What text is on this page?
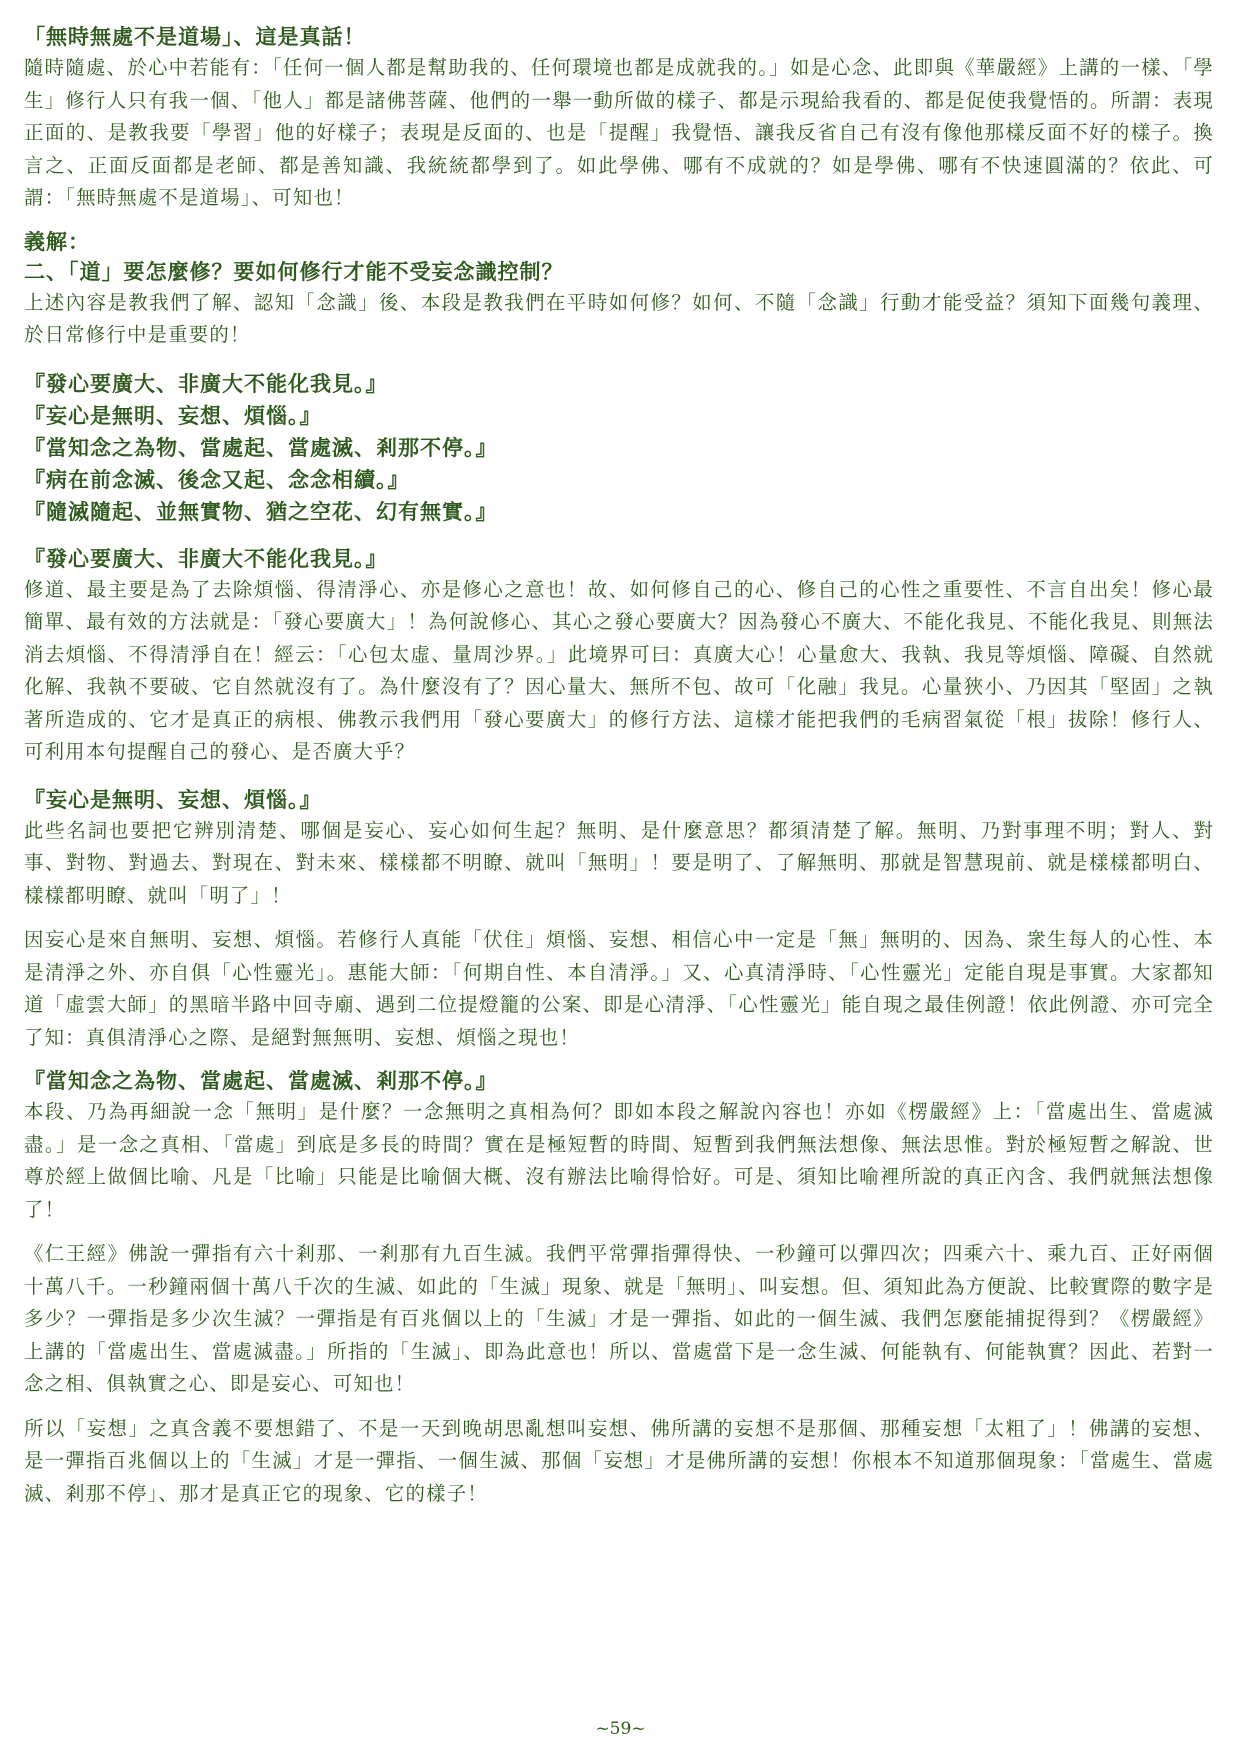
「無時無處不是道場」、這是真話！

隨時隨處、於心中若能有：「任何一個人都是幫助我的、任何環境也都是成就我的。」如是心念、此即與《華嚴經》上講的一樣、「學生」修行人只有我一個、「他人」都是諸佛菩薩、他們的一舉一動所做的樣子、都是示現給我看的、都是促使我覺悟的。所謂：表現正面的、是教我要「學習」他的好樣子；表現是反面的、也是「提醒」我覺悟、讓我反省自己有沒有像他那樣反面不好的樣子。換言之、正面反面都是老師、都是善知識、我統統都學到了。如此學佛、哪有不成就的？如是學佛、哪有不快速圓滿的？依此、可謂：「無時無處不是道場」、可知也！

義解：

二、「道」要怎麼修？要如何修行才能不受妄念識控制？

上述內容是教我們了解、認知「念識」後、本段是教我們在平時如何修？如何、不隨「念識」行動才能受益？須知下面幾句義理、於日常修行中是重要的！

『發心要廣大、非廣大不能化我見。』

『妄心是無明、妄想、煩惱。』

『當知念之為物、當處起、當處滅、剎那不停。』

『病在前念滅、後念又起、念念相續。』

『隨滅隨起、並無實物、猶之空花、幻有無實。』

『發心要廣大、非廣大不能化我見。』

修道、最主要是為了去除煩惱、得清淨心、亦是修心之意也！故、如何修自己的心、修自己的心性之重要性、不言自出矣！修心最簡單、最有效的方法就是：「發心要廣大」！為何說修心、其心之發心要廣大？因為發心不廣大、不能化我見、不能化我見、則無法消去煩惱、不得清淨自在！經云：「心包太虛、量周沙界。」此境界可曰：真廣大心！心量愈大、我執、我見等煩惱、障礙、自然就化解、我執不要破、它自然就沒有了。為什麼沒有了？因心量大、無所不包、故可「化融」我見。心量狹小、乃因其「堅固」之執著所造成的、它才是真正的病根、佛教示我們用「發心要廣大」的修行方法、這樣才能把我們的毛病習氣從「根」拔除！修行人、可利用本句提醒自己的發心、是否廣大乎？

『妄心是無明、妄想、煩惱。』

此些名詞也要把它辨別清楚、哪個是妄心、妄心如何生起？無明、是什麼意思？都須清楚了解。無明、乃對事理不明；對人、對事、對物、對過去、對現在、對未來、樣樣都不明瞭、就叫「無明」！要是明了、了解無明、那就是智慧現前、就是樣樣都明白、樣樣都明瞭、就叫「明了」！

因妄心是來自無明、妄想、煩惱。若修行人真能「伏住」煩惱、妄想、相信心中一定是「無」無明的、因為、衆生每人的心性、本是清淨之外、亦自俱「心性靈光」。惠能大師：「何期自性、本自清淨。」又、心真清淨時、「心性靈光」定能自現是事實。大家都知道「虛雲大師」的黑暗半路中回寺廟、遇到二位提燈籠的公案、即是心清淨、「心性靈光」能自現之最佳例證！依此例證、亦可完全了知：真俱清淨心之際、是絕對無無明、妄想、煩惱之現也！

『當知念之為物、當處起、當處滅、剎那不停。』

本段、乃為再細說一念「無明」是什麼？一念無明之真相為何？即如本段之解說內容也！亦如《楞嚴經》上：「當處出生、當處滅盡。」是一念之真相、「當處」到底是多長的時間？實在是極短暫的時間、短暫到我們無法想像、無法思惟。對於極短暫之解說、世尊於經上做個比喻、凡是「比喻」只能是比喻個大概、沒有辦法比喻得恰好。可是、須知比喻裡所說的真正內含、我們就無法想像了！

《仁王經》佛說一彈指有六十剎那、一剎那有九百生滅。我們平常彈指彈得快、一秒鐘可以彈四次；四乘六十、乘九百、正好兩個十萬八千。一秒鐘兩個十萬八千次的生滅、如此的「生滅」現象、就是「無明」、叫妄想。但、須知此為方便說、比較實際的數字是多少？一彈指是多少次生滅？一彈指是有百兆個以上的「生滅」才是一彈指、如此的一個生滅、我們怎麼能捕捉得到？《楞嚴經》上講的「當處出生、當處滅盡。」所指的「生滅」、即為此意也！所以、當處當下是一念生滅、何能執有、何能執實？因此、若對一念之相、俱執實之心、即是妄心、可知也！

所以「妄想」之真含義不要想錯了、不是一天到晚胡思亂想叫妄想、佛所講的妄想不是那個、那種妄想「太粗了」！佛講的妄想、是一彈指百兆個以上的「生滅」才是一彈指、一個生滅、那個「妄想」才是佛所講的妄想！你根本不知道那個現象：「當處生、當處滅、剎那不停」、那才是真正它的現象、它的樣子！

~59~
